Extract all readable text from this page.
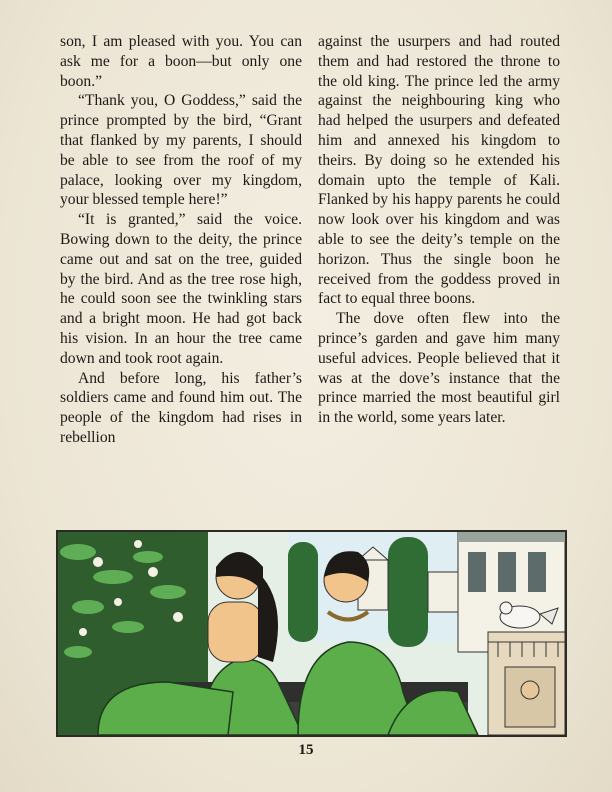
son, I am pleased with you. You can ask me for a boon—but only one boon.”

“Thank you, O Goddess,” said the prince prompted by the bird, “Grant that flanked by my parents, I should be able to see from the roof of my palace, looking over my kingdom, your blessed temple here!”

“It is granted,” said the voice. Bowing down to the deity, the prince came out and sat on the tree, guided by the bird. And as the tree rose high, he could soon see the twinkling stars and a bright moon. He had got back his vision. In an hour the tree came down and took root again.

And before long, his father’s soldiers came and found him out. The people of the kingdom had rises in rebellion

against the usurpers and had routed them and had restored the throne to the old king. The prince led the army against the neighbouring king who had helped the usurpers and defeated him and annexed his kingdom to theirs. By doing so he extended his domain upto the temple of Kali. Flanked by his happy parents he could now look over his kingdom and was able to see the deity’s temple on the horizon. Thus the single boon he received from the goddess proved in fact to equal three boons.

The dove often flew into the prince’s garden and gave him many useful advices. People believed that it was at the dove’s instance that the prince married the most beautiful girl in the world, some years later.

15
